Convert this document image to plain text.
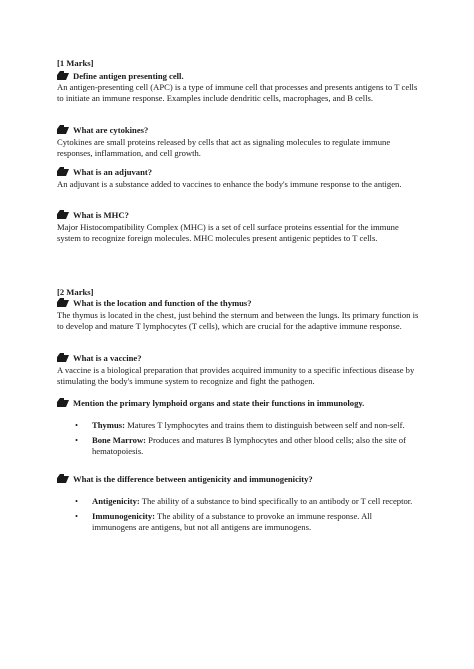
[1 Marks]
Define antigen presenting cell.
An antigen-presenting cell (APC) is a type of immune cell that processes and presents antigens to T cells to initiate an immune response. Examples include dendritic cells, macrophages, and B cells.
What are cytokines?
Cytokines are small proteins released by cells that act as signaling molecules to regulate immune responses, inflammation, and cell growth.
What is an adjuvant?
An adjuvant is a substance added to vaccines to enhance the body's immune response to the antigen.
What is MHC?
Major Histocompatibility Complex (MHC) is a set of cell surface proteins essential for the immune system to recognize foreign molecules. MHC molecules present antigenic peptides to T cells.
[2 Marks]
What is the location and function of the thymus?
The thymus is located in the chest, just behind the sternum and between the lungs. Its primary function is to develop and mature T lymphocytes (T cells), which are crucial for the adaptive immune response.
What is a vaccine?
A vaccine is a biological preparation that provides acquired immunity to a specific infectious disease by stimulating the body's immune system to recognize and fight the pathogen.
Mention the primary lymphoid organs and state their functions in immunology.
• Thymus: Matures T lymphocytes and trains them to distinguish between self and non-self.
• Bone Marrow: Produces and matures B lymphocytes and other blood cells; also the site of hematopoiesis.
What is the difference between antigenicity and immunogenicity?
• Antigenicity: The ability of a substance to bind specifically to an antibody or T cell receptor.
• Immunogenicity: The ability of a substance to provoke an immune response. All immunogens are antigens, but not all antigens are immunogens.
